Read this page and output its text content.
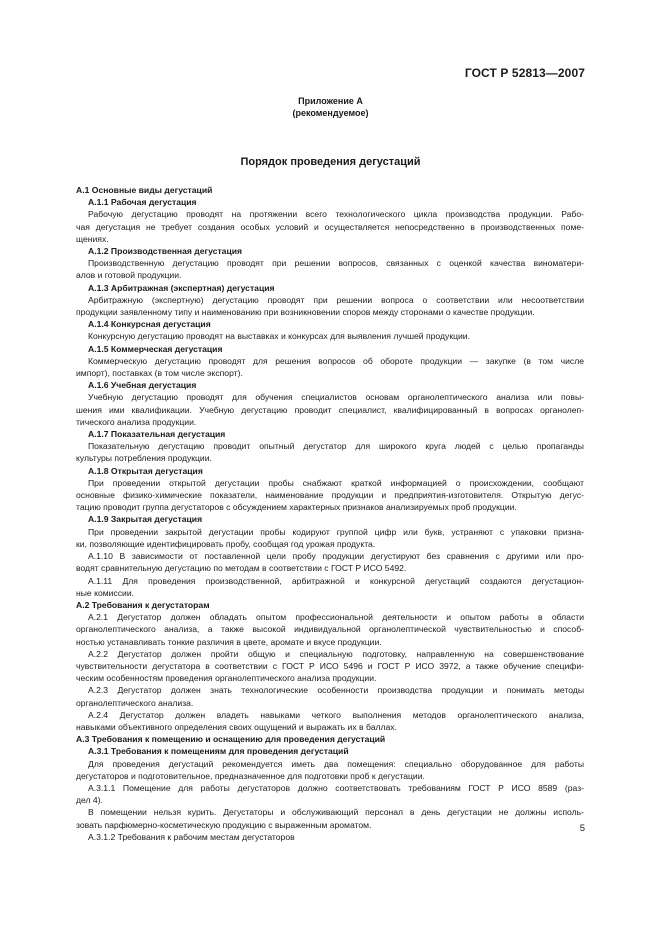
ГОСТ Р 52813—2007
Приложение А
(рекомендуемое)
Порядок проведения дегустаций
А.1 Основные виды дегустаций
А.1.1 Рабочая дегустация
Рабочую дегустацию проводят на протяжении всего технологического цикла производства продукции. Рабо-
чая дегустация не требует создания особых условий и осуществляется непосредственно в производственных поме-
щениях.
А.1.2 Производственная дегустация
Производственную дегустацию проводят при решении вопросов, связанных с оценкой качества виноматери-
алов и готовой продукции.
А.1.3 Арбитражная (экспертная) дегустация
Арбитражную (экспертную) дегустацию проводят при решении вопроса о соответствии или несоответствии
продукции заявленному типу и наименованию при возникновении споров между сторонами о качестве продукции.
А.1.4 Конкурсная дегустация
Конкурсную дегустацию проводят на выставках и конкурсах для выявления лучшей продукции.
А.1.5 Коммерческая дегустация
Коммерческую дегустацию проводят для решения вопросов об обороте продукции — закупке (в том числе
импорт), поставках (в том числе экспорт).
А.1.6 Учебная дегустация
Учебную дегустацию проводят для обучения специалистов основам органолептического анализа или повы-
шения ими квалификации. Учебную дегустацию проводит специалист, квалифицированный в вопросах органолеп-
тического анализа продукции.
А.1.7 Показательная дегустация
Показательную дегустацию проводит опытный дегустатор для широкого круга людей с целью пропаганды
культуры потребления продукции.
А.1.8 Открытая дегустация
При проведении открытой дегустации пробы снабжают краткой информацией о происхождении, сообщают
основные физико-химические показатели, наименование продукции и предприятия-изготовителя. Открытую дегус-
тацию проводит группа дегустаторов с обсуждением характерных признаков анализируемых проб продукции.
А.1.9 Закрытая дегустация
При проведении закрытой дегустации пробы кодируют группой цифр или букв, устраняют с упаковки призна-
ки, позволяющие идентифицировать пробу, сообщая год урожая продукта.
А.1.10 В зависимости от поставленной цели пробу продукции дегустируют без сравнения с другими или про-
водят сравнительную дегустацию по методам в соответствии с ГОСТ Р ИСО 5492.
А.1.11 Для проведения производственной, арбитражной и конкурсной дегустаций создаются дегустацион-
ные комиссии.
А.2 Требования к дегустаторам
А.2.1 Дегустатор должен обладать опытом профессиональной деятельности и опытом работы в области
органолептического анализа, а также высокой индивидуальной органолептической чувствительностью и способ-
ностью устанавливать тонкие различия в цвете, аромате и вкусе продукции.
А.2.2 Дегустатор должен пройти общую и специальную подготовку, направленную на совершенствование
чувствительности дегустатора в соответствии с ГОСТ Р ИСО 5496 и ГОСТ Р ИСО 3972, а также обучение специфи-
ческим особенностям проведения органолептического анализа продукции.
А.2.3 Дегустатор должен знать технологические особенности производства продукции и понимать методы
органолептического анализа.
А.2.4 Дегустатор должен владеть навыками четкого выполнения методов органолептического анализа,
навыками объективного определения своих ощущений и выражать их в баллах.
А.3 Требования к помещению и оснащению для проведения дегустаций
А.3.1 Требования к помещениям для проведения дегустаций
Для проведения дегустаций рекомендуется иметь два помещения: специально оборудованное для работы
дегустаторов и подготовительное, предназначенное для подготовки проб к дегустации.
А.3.1.1 Помещение для работы дегустаторов должно соответствовать требованиям ГОСТ Р ИСО 8589 (раз-
дел 4).
В помещении нельзя курить. Дегустаторы и обслуживающий персонал в день дегустации не должны исполь-
зовать парфюмерно-косметическую продукцию с выраженным ароматом.
А.3.1.2 Требования к рабочим местам дегустаторов
5
